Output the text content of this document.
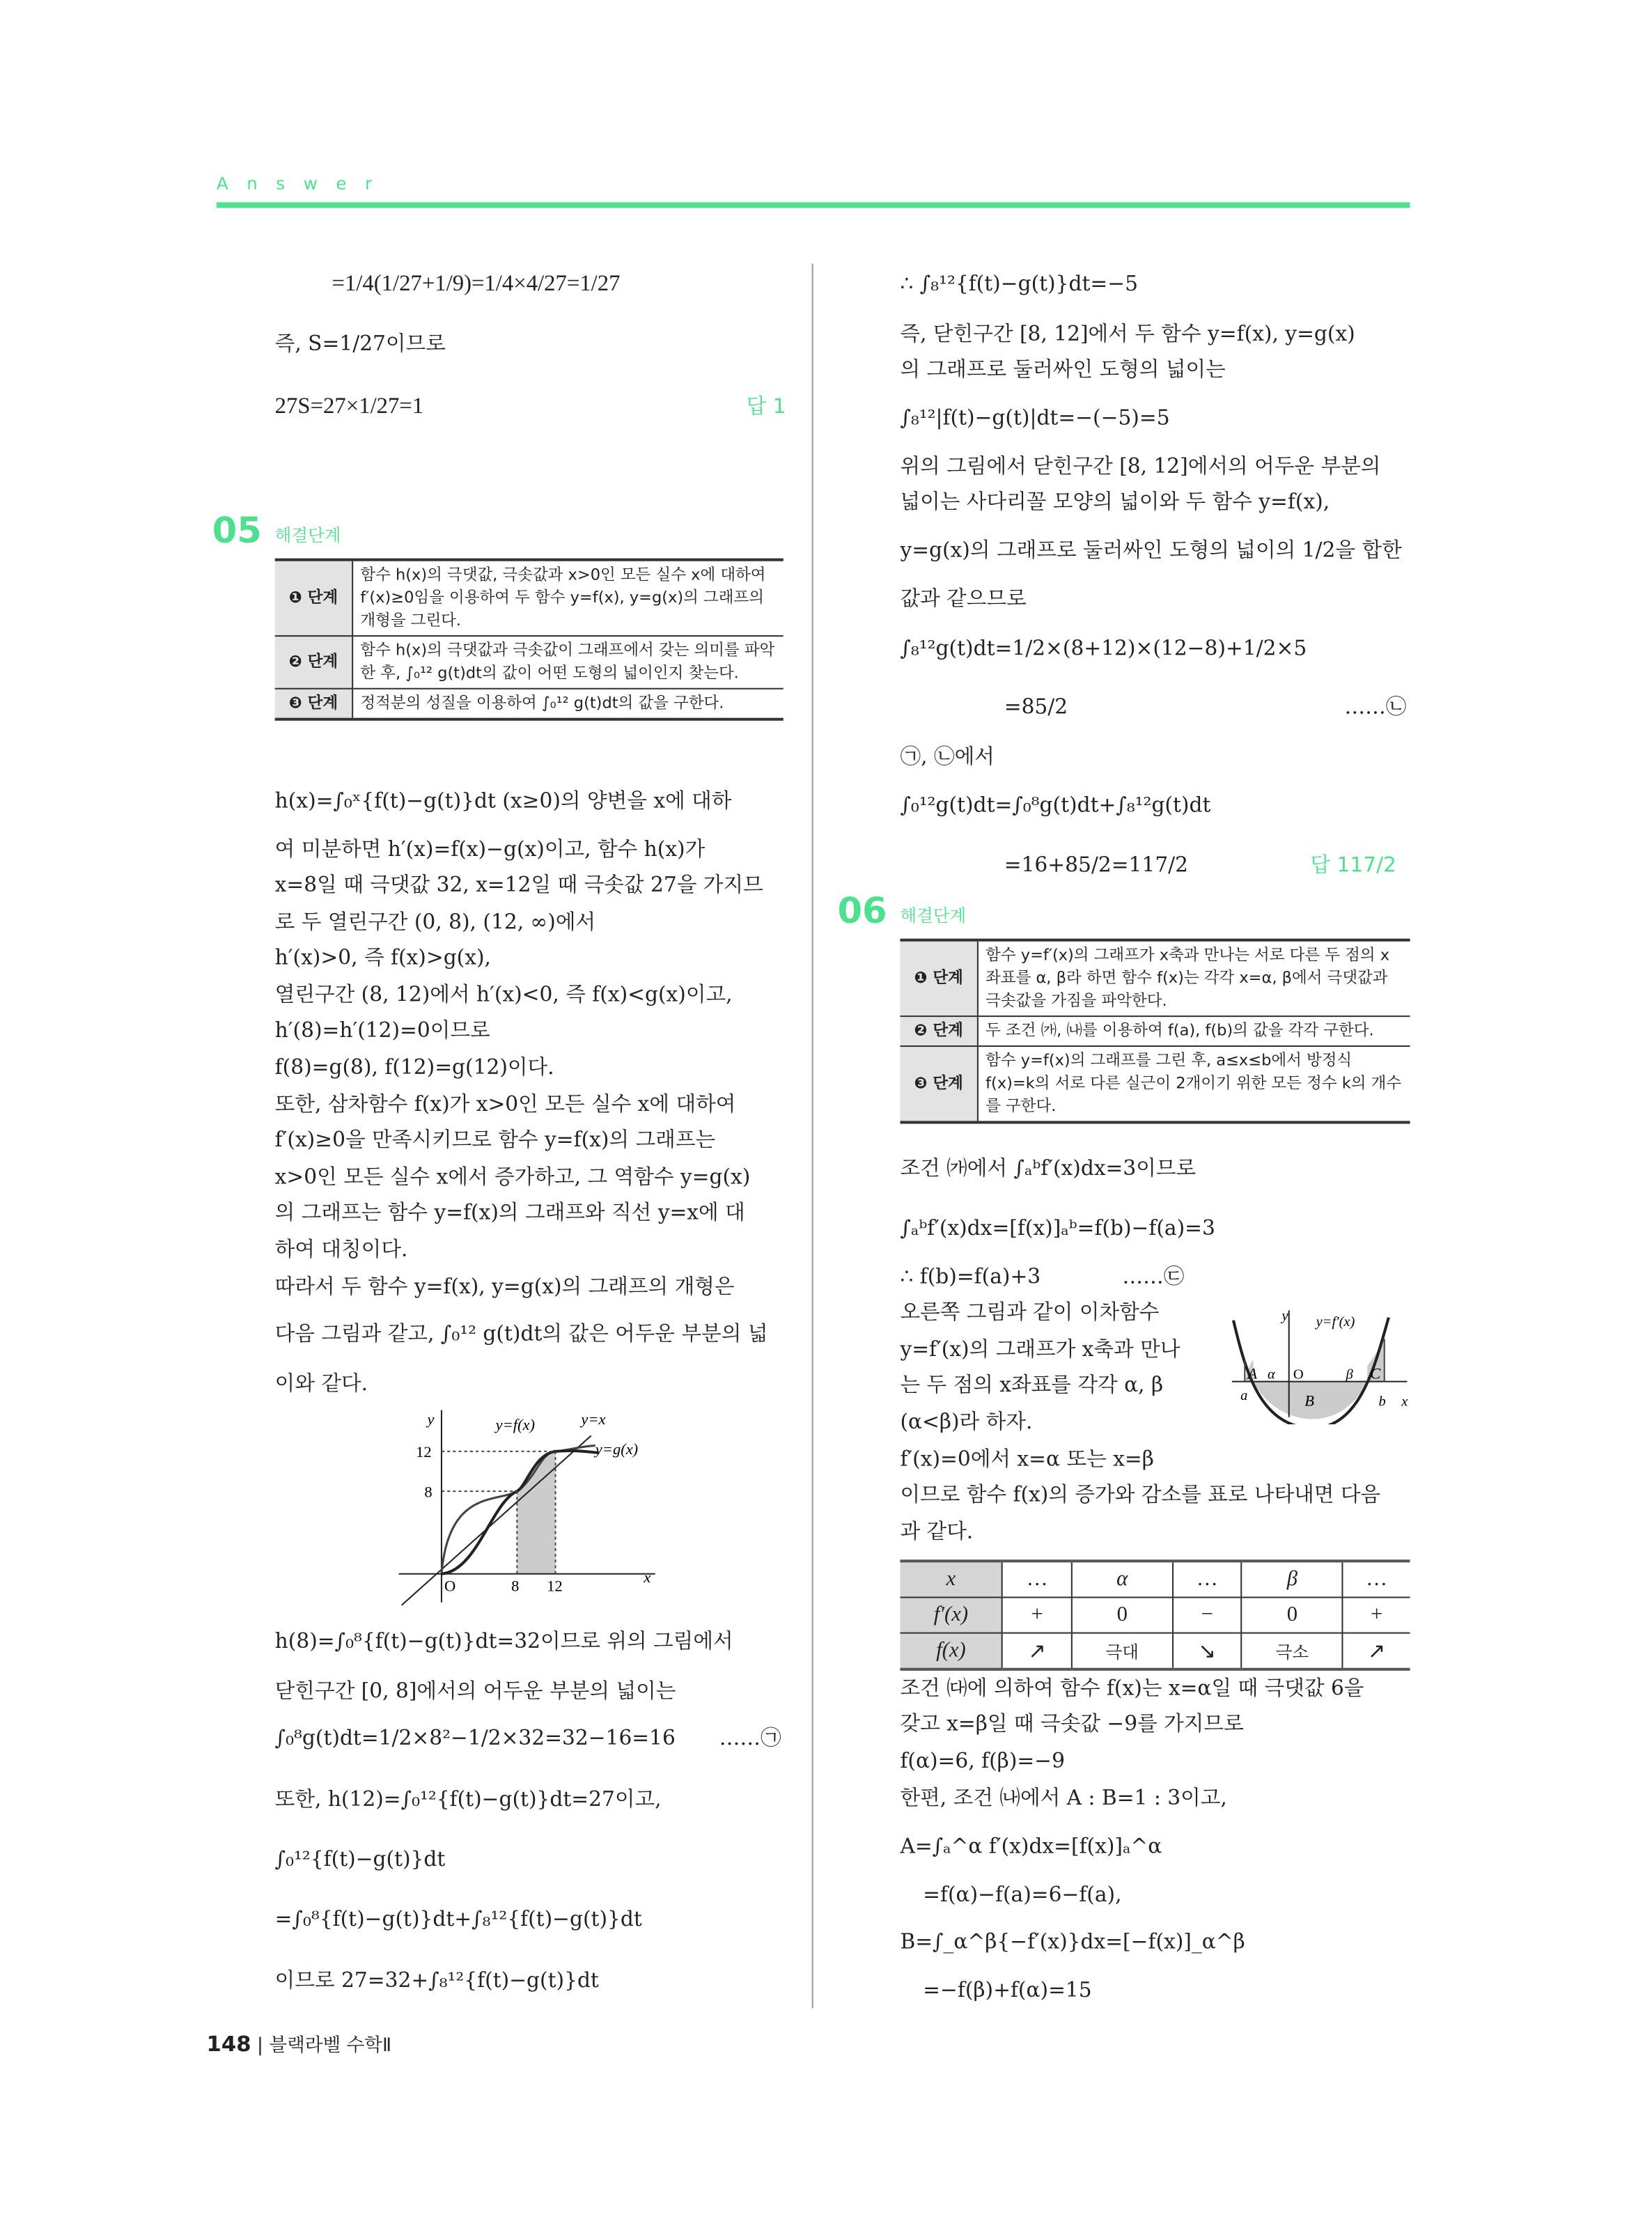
Answer
=1/4(1/27+1/9)=1/4×4/27=1/27
즉, S=1/27이므로
27S=27×1/27=1	답 1
05 해결단계
❶ 단계	함수 h(x)의 극댓값, 극솟값과 x>0인 모든 실수 x에 대하여 f′(x)≥0임을 이용하여 두 함수 y=f(x), y=g(x)의 그래프의 개형을 그린다.
❷ 단계	함수 h(x)의 극댓값과 극솟값이 그래프에서 갖는 의미를 파악한 후, ∫₀¹² g(t)dt의 값이 어떤 도형의 넓이인지 찾는다.
❸ 단계	정적분의 성질을 이용하여 ∫₀¹² g(t)dt의 값을 구한다.
h(x)=∫₀ˣ{f(t)−g(t)}dt (x≥0)의 양변을 x에 대하
여 미분하면 h′(x)=f(x)−g(x)이고, 함수 h(x)가
x=8일 때 극댓값 32, x=12일 때 극솟값 27을 가지므
로 두 열린구간 (0, 8), (12, ∞)에서
h′(x)>0, 즉 f(x)>g(x),
열린구간 (8, 12)에서 h′(x)<0, 즉 f(x)<g(x)이고,
h′(8)=h′(12)=0이므로
f(8)=g(8), f(12)=g(12)이다.
또한, 삼차함수 f(x)가 x>0인 모든 실수 x에 대하여
f′(x)≥0을 만족시키므로 함수 y=f(x)의 그래프는
x>0인 모든 실수 x에서 증가하고, 그 역함수 y=g(x)
의 그래프는 함수 y=f(x)의 그래프와 직선 y=x에 대
하여 대칭이다.
따라서 두 함수 y=f(x), y=g(x)의 그래프의 개형은
다음 그림과 같고, ∫₀¹² g(t)dt의 값은 어두운 부분의 넓
이와 같다.
y
x
O
12
8
8	12
y=f(x)	y=x
y=g(x)
h(8)=∫₀⁸{f(t)−g(t)}dt=32이므로 위의 그림에서
닫힌구간 [0, 8]에서의 어두운 부분의 넓이는
∫₀⁸g(t)dt=1/2×8²−1/2×32=32−16=16	……㉠
또한, h(12)=∫₀¹²{f(t)−g(t)}dt=27이고,
∫₀¹²{f(t)−g(t)}dt
=∫₀⁸{f(t)−g(t)}dt+∫₈¹²{f(t)−g(t)}dt
이므로 27=32+∫₈¹²{f(t)−g(t)}dt
148 | 블랙라벨 수학Ⅱ
∴ ∫₈¹²{f(t)−g(t)}dt=−5
즉, 닫힌구간 [8, 12]에서 두 함수 y=f(x), y=g(x)
의 그래프로 둘러싸인 도형의 넓이는
∫₈¹²|f(t)−g(t)|dt=−(−5)=5
위의 그림에서 닫힌구간 [8, 12]에서의 어두운 부분의
넓이는 사다리꼴 모양의 넓이와 두 함수 y=f(x),
y=g(x)의 그래프로 둘러싸인 도형의 넓이의 1/2을 합한
값과 같으므로
∫₈¹²g(t)dt=1/2×(8+12)×(12−8)+1/2×5
=85/2	……㉡
㉠, ㉡에서
∫₀¹²g(t)dt=∫₀⁸g(t)dt+∫₈¹²g(t)dt
=16+85/2=117/2	답 117/2
06 해결단계
❶ 단계	함수 y=f′(x)의 그래프가 x축과 만나는 서로 다른 두 점의 x좌표를 α, β라 하면 함수 f(x)는 각각 x=α, β에서 극댓값과 극솟값을 가짐을 파악한다.
❷ 단계	두 조건 ㈎, ㈏를 이용하여 f(a), f(b)의 값을 각각 구한다.
❸ 단계	함수 y=f(x)의 그래프를 그린 후, a≤x≤b에서 방정식 f(x)=k의 서로 다른 실근이 2개이기 위한 모든 정수 k의 개수를 구한다.
조건 ㈎에서 ∫ₐᵇf′(x)dx=3이므로
∫ₐᵇf′(x)dx=[f(x)]ₐᵇ=f(b)−f(a)=3
∴ f(b)=f(a)+3	……㉢
오른쪽 그림과 같이 이차함수
y=f′(x)의 그래프가 x축과 만나
는 두 점의 x좌표를 각각 α, β
(α<β)라 하자.
f′(x)=0에서 x=α 또는 x=β
이므로 함수 f(x)의 증가와 감소를 표로 나타내면 다음
과 같다.
y
x
y=f′(x)
O
A α	β C
B
a	b
x	…	α	…	β	…
f′(x)	+	0	−	0	+
f(x)	↗	극대	↘	극소	↗
조건 ㈐에 의하여 함수 f(x)는 x=α일 때 극댓값 6을
갖고 x=β일 때 극솟값 −9를 가지므로
f(α)=6, f(β)=−9
한편, 조건 ㈏에서 A : B=1 : 3이고,
A=∫ₐ^α f′(x)dx=[f(x)]ₐ^α
=f(α)−f(a)=6−f(a),
B=∫_α^β{−f′(x)}dx=[−f(x)]_α^β
=−f(β)+f(α)=15
